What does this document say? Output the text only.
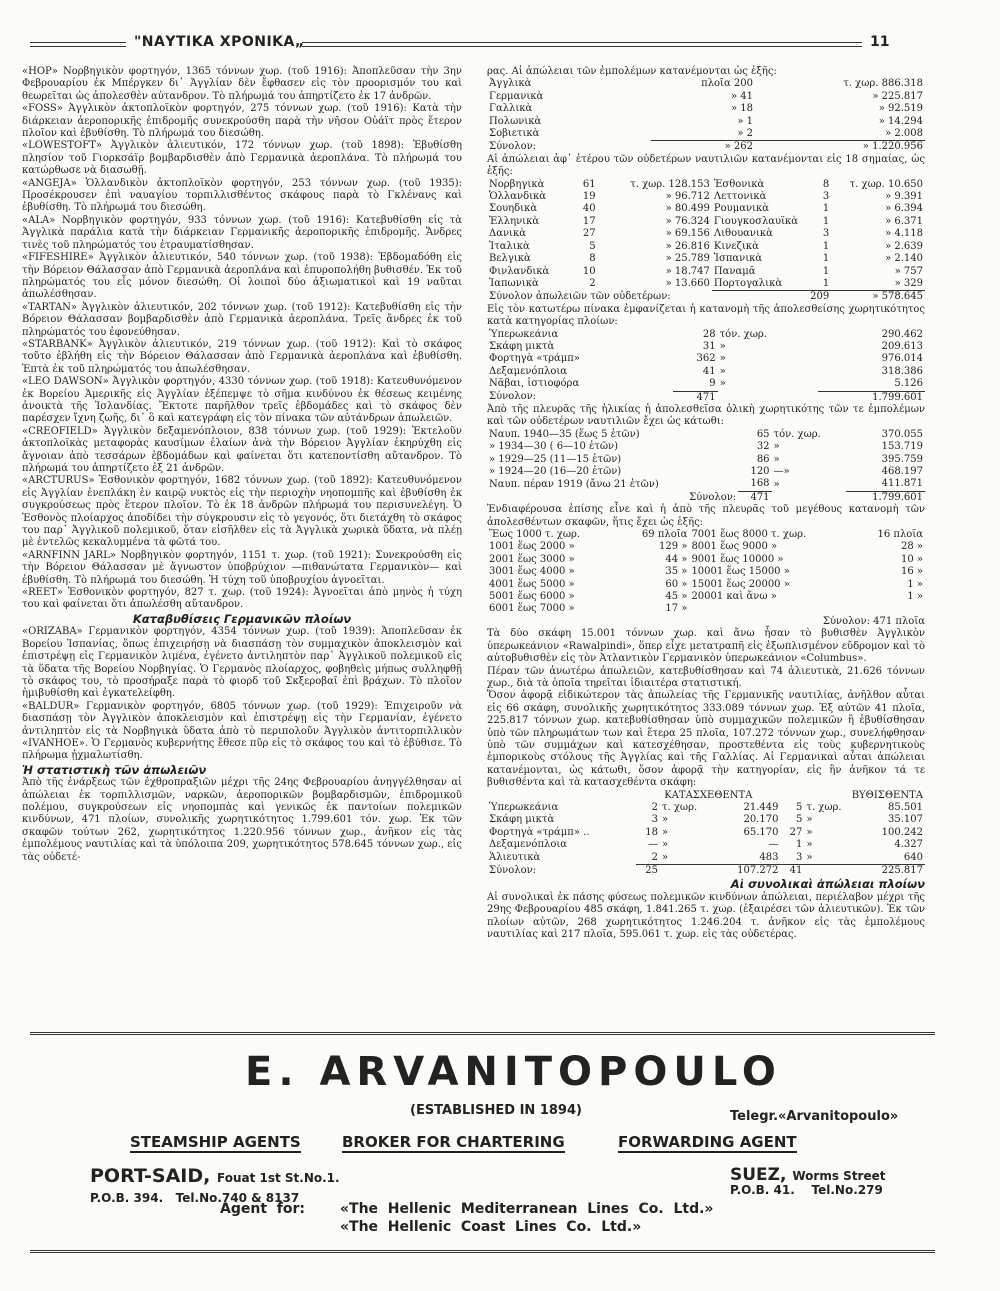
"ΝΑΥΤΙΚΑ ΧΡΟΝΙΚΑ„	11

«HOP» Νορβηγικὸν φορτηγόν, 1365 τόννων χωρ. (τοῦ 1916): Ἀποπλεῦσαν τὴν 3ην Φεβρουαρίου ἐκ Μπέργκεν δι᾽ Ἀγγλίαν δὲν ἔφθασεν εἰς τὸν προορισμόν του καὶ θεωρεῖται ὡς ἀπολεσθὲν αὐτανδρον. Τὸ πλήρωμά του ἀπηρτίζετο ἐκ 17 ἀνδρῶν.

«FOSS» Ἀγγλικὸν ἀκτοπλοϊκὸν φορτηγόν, 275 τόννων χωρ. (τοῦ 1916): Κατὰ τὴν διάρκειαν ἀεροπορικῆς ἐπιδρομῆς συνεκρούσθη παρὰ τὴν νῆσον Οὐάϊτ πρὸς ἕτερον πλοῖον καὶ ἐβυθίσθη. Τὸ πλήρωμά του διεσώθη.

«LOWESTOFT» Ἀγγλικὸν ἁλιευτικόν, 172 τόννων χωρ. (τοῦ 1898): Ἐβυθίσθη πλησίον τοῦ Γιορκσάϊρ βομβαρδισθὲν ἀπὸ Γερμανικὰ ἀεροπλάνα. Τὸ πλήρωμά του κατώρθωσε νὰ διασωθῇ.

«ANGEJA» Ὁλλανδικὸν ἀκτοπλοϊκὸν φορτηγόν, 253 τόννων χωρ. (τοῦ 1935): Προσέκρουσεν ἐπὶ ναυαγίου τορπιλλισθέντος σκάφους παρὰ τὸ Γκλένανς καὶ ἐβυθίσθη. Τὸ πλήρωμά του διεσώθη.

«ALA» Νορβηγικὸν φορτηγόν, 933 τόννων χωρ. (τοῦ 1916): Κατεβυθίσθη εἰς τὰ Ἀγγλικὰ παράλια κατὰ τὴν διάρκειαν Γερμανικῆς ἀεροπορικῆς ἐπιδρομῆς. Ἄνδρες τινὲς τοῦ πληρώματός του ἐτραυματίσθησαν.

«FIFESHIRE» Ἀγγλικὸν ἁλιευτικόν, 540 τόννων χωρ. (τοῦ 1938): Ἑβδομαδόθη εἰς τὴν Βόρειον Θάλασσαν ἀπὸ Γερμανικὰ ἀεροπλάνα καὶ ἐπυροπολήθη βυθισθέν. Ἐκ τοῦ πληρώματός του εἷς μόνον διεσώθη. Οἱ λοιποὶ δύο ἀξιωματικοὶ καὶ 19 ναῦται ἀπωλέσθησαν.

«TARTAN» Ἀγγλικὸν ἁλιευτικόν, 202 τόννων χωρ. (τοῦ 1912): Κατεβυθίσθη εἰς τὴν Βόρειον Θάλασσαν βομβαρδισθὲν ἀπὸ Γερμανικὰ ἀεροπλάνα. Τρεῖς ἄνδρες ἐκ τοῦ πληρώματός του ἐφονεύθησαν.

«STARBANK» Ἀγγλικὸν ἁλιευτικόν, 219 τόννων χωρ. (τοῦ 1912): Καὶ τὸ σκάφος τοῦτο ἐβλήθη εἰς τὴν Βόρειον Θάλασσαν ἀπὸ Γερμανικὰ ἀεροπλάνα καὶ ἐβυθίσθη. Ἑπτὰ ἐκ τοῦ πληρώματός του ἀπωλέσθησαν.

«LEO DAWSON» Ἀγγλικὸν φορτηγόν, 4330 τόννων χωρ. (τοῦ 1918): Κατευθυνόμενον ἐκ Βορείου Ἀμερικῆς εἰς Ἀγγλίαν ἐξέπεμψε τὸ σῆμα κινδύνου ἐκ θέσεως κειμένης ἀνοικτὰ τῆς Ἰσλανδίας. Ἔκτοτε παρῆλθον τρεῖς ἑβδομάδες καὶ τὸ σκάφος δὲν παρέσχεν ἴχνη ζωῆς, δι᾽ ὃ καὶ κατεγράφη εἰς τὸν πίνακα τῶν αὐτάνδρων ἀπωλειῶν.

«CREOFIELD» Ἀγγλικὸν δεξαμενόπλοιον, 838 τόννων χωρ. (τοῦ 1929): Ἐκτελοῦν ἀκτοπλοϊκὰς μεταφορὰς καυσίμων ἐλαίων ἀνὰ τὴν Βόρειον Ἀγγλίαν ἐκηρύχθη εἰς ἄγνοιαν ἀπὸ τεσσάρων ἑβδομάδων καὶ φαίνεται ὅτι κατεποντίσθη αὔτανδρον. Τὸ πλήρωμά του ἀπηρτίζετο ἐξ 21 ἀνδρῶν.

«ARCTURUS» Ἐσθονικὸν φορτηγόν, 1682 τόννων χωρ. (τοῦ 1892): Κατευθυνόμενον εἰς Ἀγγλίαν ἐνεπλάκη ἐν καιρῷ νυκτὸς εἰς τὴν περιοχὴν νηοπομπῆς καὶ ἐβυθίσθη ἐκ συγκρούσεως πρὸς ἕτερον πλοῖον. Τὸ ἐκ 18 ἀνδρῶν πλήρωμά του περισυνελέγη. Ὁ Ἐσθονὸς πλοίαρχος ἀποδίδει τὴν σύγκρουσιν εἰς τὸ γεγονός, ὅτι διετάχθη τὸ σκάφος του παρ᾽ Ἀγγλικοῦ πολεμικοῦ, ὅταν εἰσῆλθεν εἰς τὰ Ἀγγλικὰ χωρικὰ ὕδατα, νὰ πλέῃ μὲ ἐντελῶς κεκαλυμμένα τὰ φῶτά του.

«ARNFINN JARL» Νορβηγικὸν φορτηγόν, 1151 τ. χωρ. (τοῦ 1921): Συνεκρούσθη εἰς τὴν Βόρειον Θάλασσαν μὲ ἄγνωστον ὑποβρύχιον —πιθανώτατα Γερμανικὸν— καὶ ἐβυθίσθη. Τὸ πλήρωμά του διεσώθη. Ἡ τύχη τοῦ ὑποβρυχίου ἀγνοεῖται.

«REET» Ἐσθονικὸν φορτηγόν, 827 τ. χωρ. (τοῦ 1924): Ἀγνοεῖται ἀπὸ μηνὸς ἡ τύχη του καὶ φαίνεται ὅτι ἀπωλέσθη αὔτανδρον.

Καταβυθίσεις Γερμανικῶν πλοίων

«ORIZABA» Γερμανικὸν φορτηγόν, 4354 τόννων χωρ. (τοῦ 1939): Ἀποπλεῦσαν ἐκ Βορείου Ἱσπανίας, ὅπως ἐπιχειρήσῃ νὰ διασπάσῃ τὸν συμμαχικὸν ἀποκλεισμὸν καὶ ἐπιστρέψῃ εἰς Γερμανικὸν λιμένα, ἐγένετο ἀντιληπτὸν παρ᾽ Ἀγγλικοῦ πολεμικοῦ εἰς τὰ ὕδατα τῆς Βορείου Νορβηγίας. Ὁ Γερμανὸς πλοίαρχος, φοβηθεὶς μήπως συλληφθῇ τὸ σκάφος του, τὸ προσήραξε παρὰ τὸ φιορδ τοῦ Σκξεροβαῖ ἐπὶ βράχων. Τὸ πλοῖον ἡμιβυθίσθη καὶ ἐγκατελείφθη.

«BALDUR» Γερμανικὸν φορτηγόν, 6805 τόννων χωρ. (τοῦ 1929): Ἐπιχειροῦν νὰ διασπάσῃ τὸν Ἀγγλικὸν ἀποκλεισμὸν καὶ ἐπιστρέψῃ εἰς τὴν Γερμανίαν, ἐγένετο ἀντιληπτὸν εἰς τὰ Νορβηγικὰ ὕδατα ἀπὸ τὸ περιπολοῦν Ἀγγλικὸν ἀντιτορπιλλικὸν «IVANHOE». Ὁ Γερμανὸς κυβερνήτης ἔθεσε πῦρ εἰς τὸ σκάφος του καὶ τὸ ἐβύθισε. Τὸ πλήρωμα ᾐχμαλωτίσθη.

Ἡ στατιστικὴ τῶν ἀπωλειῶν

Ἀπὸ τῆς ἐνάρξεως τῶν ἐχθροπραξιῶν μέχρι τῆς 24ης Φεβρουαρίου ἀνηγγέλθησαν αἱ ἀπώλειαι ἐκ τορπιλλισμῶν, ναρκῶν, ἀεροπορικῶν βομβαρδισμῶν, ἐπιδρομικοῦ πολέμου, συγκρούσεων εἰς νηοπομπὰς καὶ γενικῶς ἐκ παντοίων πολεμικῶν κινδύνων, 471 πλοίων, συνολικῆς χωρητικότητος 1.799.601 τόν. χωρ. Ἐκ τῶν σκαφῶν τούτων 262, χωρητικότητος 1.220.956 τόννων χωρ., ἀνῆκον εἰς τὰς ἐμπολέμους ναυτιλίας καὶ τὰ ὑπόλοιπα 209, χωρητικότητος 578.645 τόννων χωρ., εἰς τὰς οὐδετέ-

ρας. Αἱ ἀπώλειαι τῶν ἐμπολέμων κατανέμονται ὡς ἑξῆς:

Ἀγγλικὰ	πλοῖα 200	τ. χωρ. 886.318
Γερμανικὰ	» 41	» 225.817
Γαλλικὰ	» 18	» 92.519
Πολωνικὰ	» 1	» 14.294
Σοβιετικὰ	» 2	» 2.008
Σύνολον:	» 262	» 1.220.956

Αἱ ἀπώλειαι ἀφ᾽ ἑτέρου τῶν οὐδετέρων ναυτιλιῶν κατανέμονται εἰς 18 σημαίας, ὡς ἑξῆς:

Νορβηγικὰ	61	τ. χωρ. 128.153	Ἐσθονικὰ	8	τ. χωρ. 10.650
Ὁλλανδικὰ	19	» 96.712	Λεττονικὰ	3	» 9.391
Σουηδικὰ	40	» 80.499	Ρουμανικὰ	1	» 6.394
Ἑλληνικὰ	17	» 76.324	Γιουγκοσλαυϊκὰ	1	» 6.371
Δανικὰ	27	» 69.156	Λιθουανικὰ	3	» 4.118
Ἰταλικὰ	5	» 26.816	Κινεζικὰ	1	» 2.639
Βελγικὰ	8	» 25.789	Ἱσπανικὰ	1	» 2.140
Φινλανδικὰ	10	» 18.747	Παναμᾶ	1	» 757
Ἰαπωνικὰ	2	» 13.660	Πορτογαλικὰ	1	» 329
Σύνολον ἀπωλειῶν τῶν οὐδετέρων:			209		» 578.645

Εἰς τὸν κατωτέρω πίνακα ἐμφανίζεται ἡ κατανομὴ τῆς ἀπολεσθείσης χωρητικότητος κατὰ κατηγορίας πλοίων:

Ὑπερωκεάνια	28	τόν. χωρ.	290.462
Σκάφη μικτὰ	31	»	209.613
Φορτηγὰ «τράμπ»	362	»	976.014
Δεξαμενόπλοια	41	»	318.386
Νᾶβαι, ἱστιοφόρα	9	»	5.126
Σύνολον:	471		1.799.601

Ἀπὸ τῆς πλευρᾶς τῆς ἡλικίας ἡ ἀπολεσθεῖσα ὁλικὴ χωρητικότης τῶν τε ἐμπολέμων καὶ τῶν οὐδετέρων ναυτιλιῶν ἔχει ὡς κάτωθι:

Ναυπ. 1940—35 (ἕως 5 ἐτῶν)	65	τόν. χωρ.	370.055
» 1934—30 ( 6—10 ἐτῶν)	32	»	153.719
» 1929—25 (11—15 ἐτῶν)	86	»	395.759
» 1924—20 (16—20 ἐτῶν)	120	—»	468.197
Ναυπ. πέραν 1919 (ἄνω 21 ἐτῶν)	168	»	411.871
Σύνολον:	471		1.799.601

Ἐνδιαφέρουσα ἐπίσης εἶνε καὶ ἡ ἀπὸ τῆς πλευρᾶς τοῦ μεγέθους κατανομὴ τῶν ἀπολεσθέντων σκαφῶν, ἥτις ἔχει ὡς ἑξῆς:

Ἕως 1000 τ. χωρ.	69 πλοῖα	7001 ἕως 8000 τ. χωρ.	16 πλοῖα
1001 ἕως 2000 »	129 »	8001 ἕως 9000 »	28 »
2001 ἕως 3000 »	44 »	9001 ἕως 10000 »	10 »
3001 ἕως 4000 »	35 »	10001 ἕως 15000 »	16 »
4001 ἕως 5000 »	60 »	15001 ἕως 20000 »	1 »
5001 ἕως 6000 »	45 »	20001 καὶ ἄνω »	1 »
6001 ἕως 7000 »	17 »		
Σύνολον: 471 πλοῖα

Τὰ δύο σκάφη 15.001 τόννων χωρ. καὶ ἄνω ἦσαν τὸ βυθισθὲν Ἀγγλικὸν ὑπερωκεάνιον «Rawalpindi», ὅπερ εἶχε μετατραπῆ εἰς ἐξωπλισμένον εὔδρομον καὶ τὸ αὐτοβυθισθὲν εἰς τὸν Ἀτλαντικὸν Γερμανικὸν ὑπερωκεάνιον «Columbus».

Πέραν τῶν ἀνωτέρω ἀπωλειῶν, κατεβυθίσθησαν καὶ 74 ἁλιευτικὰ, 21.626 τόννων χωρ., διὰ τὰ ὁποῖα τηρεῖται ἰδιαιτέρα στατιστική.

Ὅσον ἀφορᾷ εἰδικώτερον τὰς ἀπωλείας τῆς Γερμανικῆς ναυτιλίας, ἀνῆλθον αὗται εἰς 66 σκάφη, συνολικῆς χωρητικότητος 333.089 τόννων χωρ. Ἐξ αὐτῶν 41 πλοῖα, 225.817 τόννων χωρ. κατεβυθίσθησαν ὑπὸ συμμαχικῶν πολεμικῶν ἢ ἐβυθίσθησαν ὑπὸ τῶν πληρωμάτων των καὶ ἕτερα 25 πλοῖα, 107.272 τόννων χωρ., συνελήφθησαν ὑπὸ τῶν συμμάχων καὶ κατεσχέθησαν, προστεθέντα εἰς τοὺς κυβερνητικοὺς ἐμπορικοὺς στόλους τῆς Ἀγγλίας καὶ τῆς Γαλλίας. Αἱ Γερμανικαὶ αὗται ἀπώλειαι κατανέμονται, ὡς κάτωθι, ὅσον ἀφορᾷ τὴν κατηγορίαν, εἰς ἣν ἀνῆκον τά τε βυθισθέντα καὶ τὰ κατασχεθέντα σκάφη:

	ΚΑΤΑΣΧΕΘΕΝΤΑ			ΒΥΘΙΣΘΕΝΤΑ		
Ὑπερωκεάνια	2	τ. χωρ.	21.449	5	τ. χωρ.	85.501
Σκάφη μικτὰ	3	»	20.170	5	»	35.107
Φορτηγὰ «τράμπ» ..	18	»	65.170	27	»	100.242
Δεξαμενόπλοια	—	»	—	1	»	4.327
Ἁλιευτικὰ	2	»	483	3	»	640
Σύνολον:	25		107.272	41		225.817
Αἱ συνολικαὶ ἀπώλειαι πλοίων

Αἱ συνολικαὶ ἐκ πάσης φύσεως πολεμικῶν κινδύνων ἀπώλειαι, περιέλαβον μέχρι τῆς 29ης Φεβρουαρίου 485 σκάφη, 1.841.265 τ. χωρ. (ἐξαιρέσει τῶν ἁλιευτικῶν). Ἐκ τῶν πλοίων αὐτῶν, 268 χωρητικότητος 1.246.204 τ. ἀνῆκον εἰς τὰς ἐμπολέμους ναυτιλίας καὶ 217 πλοῖα, 595.061 τ. χωρ. εἰς τὰς οὐδετέρας.

E. ARVANITOPOULO
(ESTABLISHED IN 1894)	Telegr.«Arvanitopoulo»
STEAMSHIP AGENTS	BROKER FOR CHARTERING	FORWARDING AGENT
PORT-SAID, Fouat 1st St.No.1.
P.O.B. 394.   Tel.No.740 & 8137
SUEZ, Worms Street
P.O.B. 41.    Tel.No.279
Agent  for:	«The  Hellenic  Mediterranean  Lines  Co.  Ltd.»
«The  Hellenic  Coast  Lines  Co.  Ltd.»
